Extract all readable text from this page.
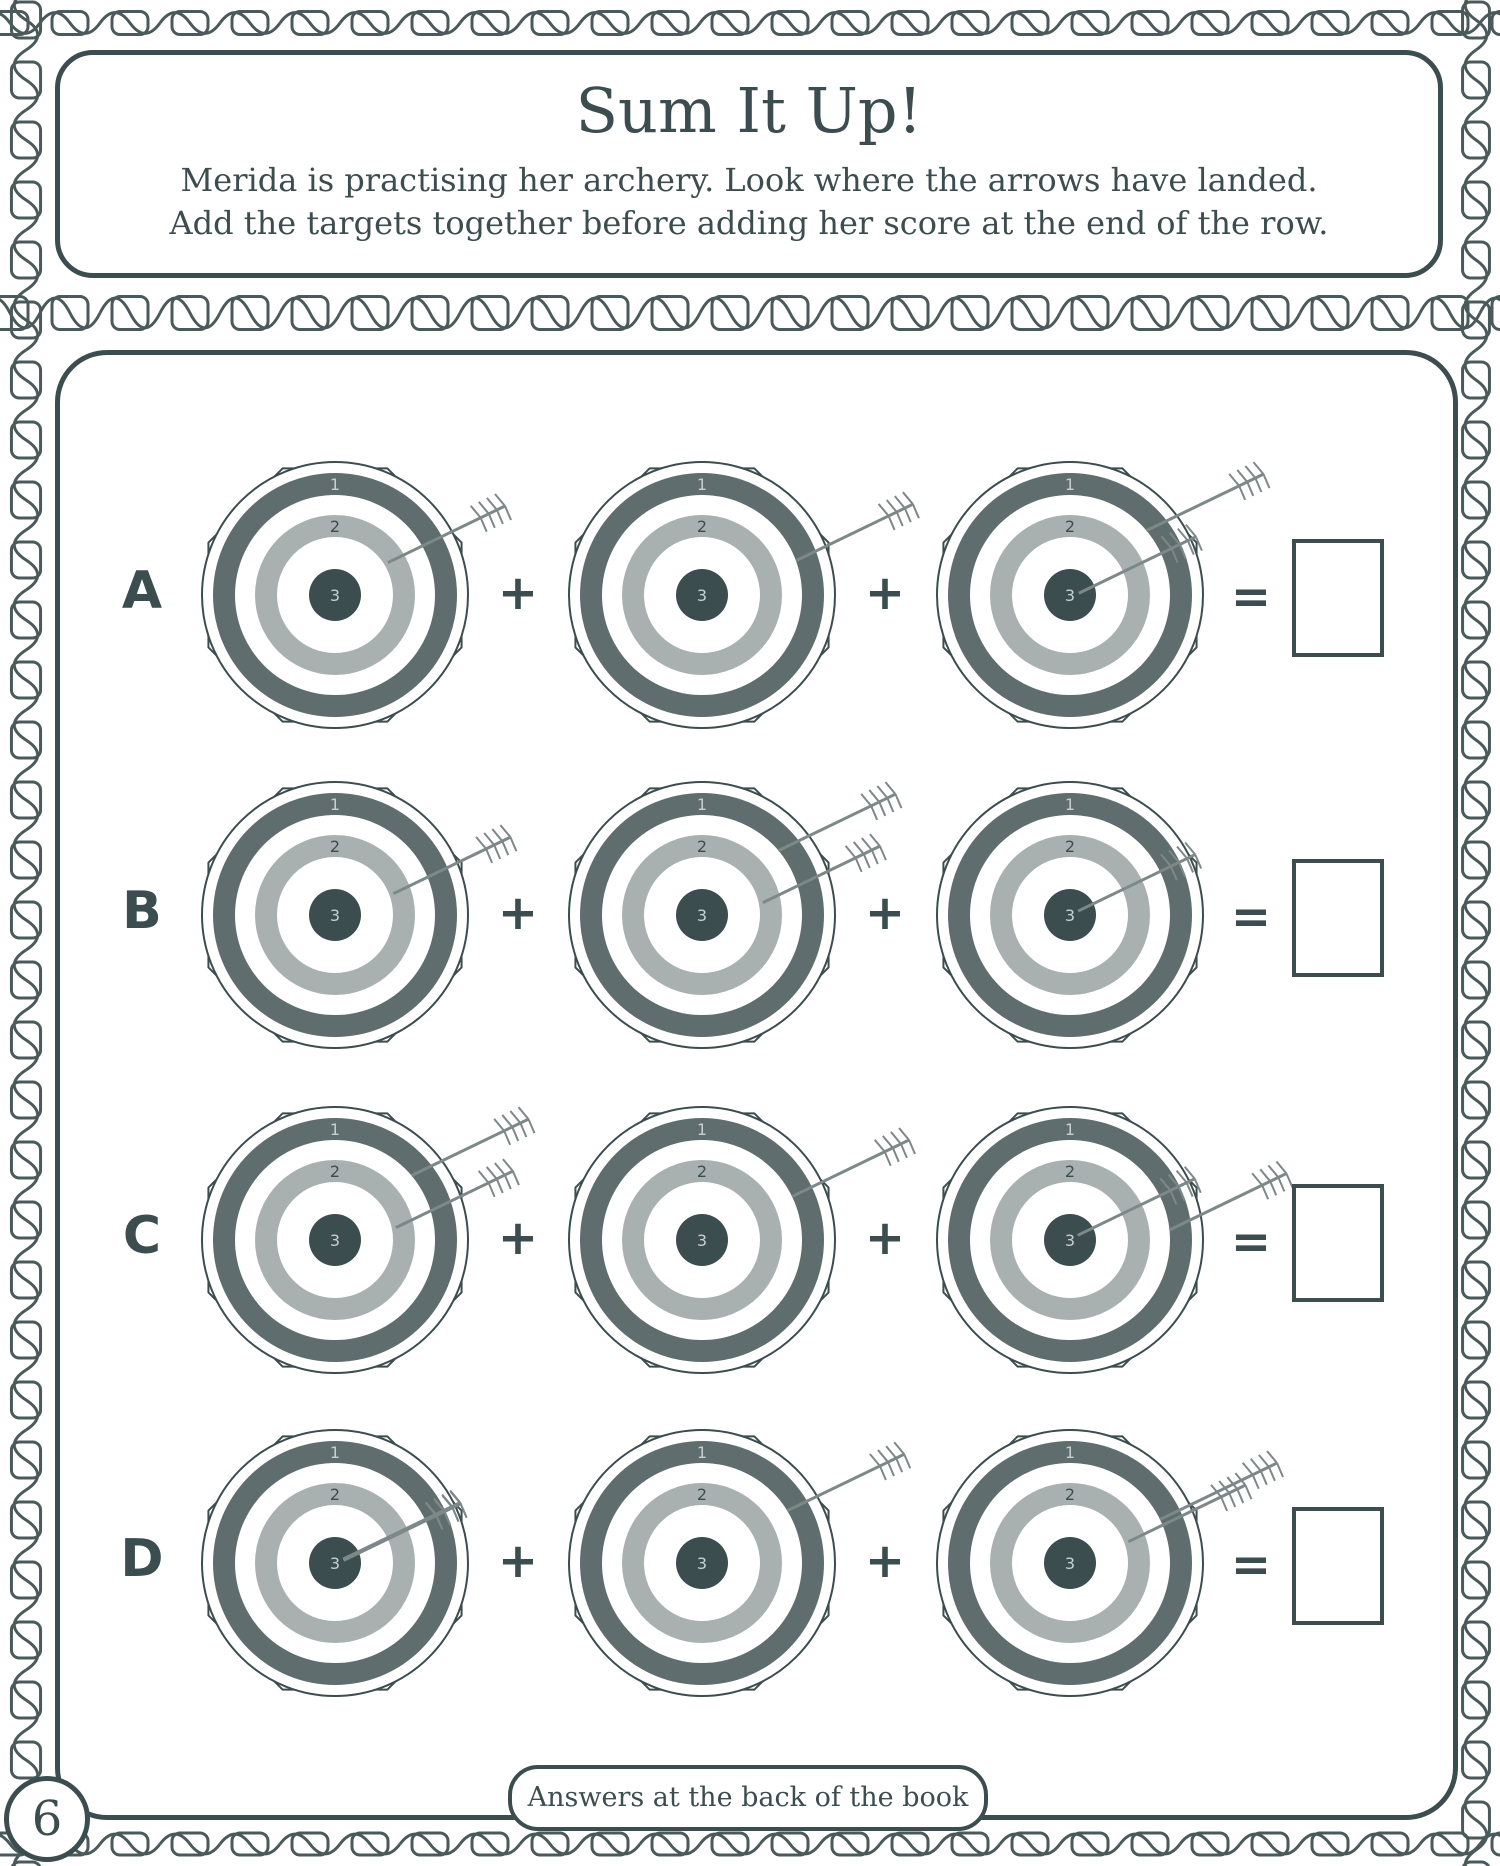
Sum It Up!
Merida is practising her archery. Look where the arrows have landed.
Add the targets together before adding her score at the end of the row.
1
2
3
1
2
3
1
2
3
1
2
3
1
2
3
1
2
3
1
2
3
1
2
3
1
2
3
1
2
3
1
2
3
1
2
3
A	+	+	=
B	+	+	=
C	+	+	=
D	+	+	=
6	Answers at the back of the book
